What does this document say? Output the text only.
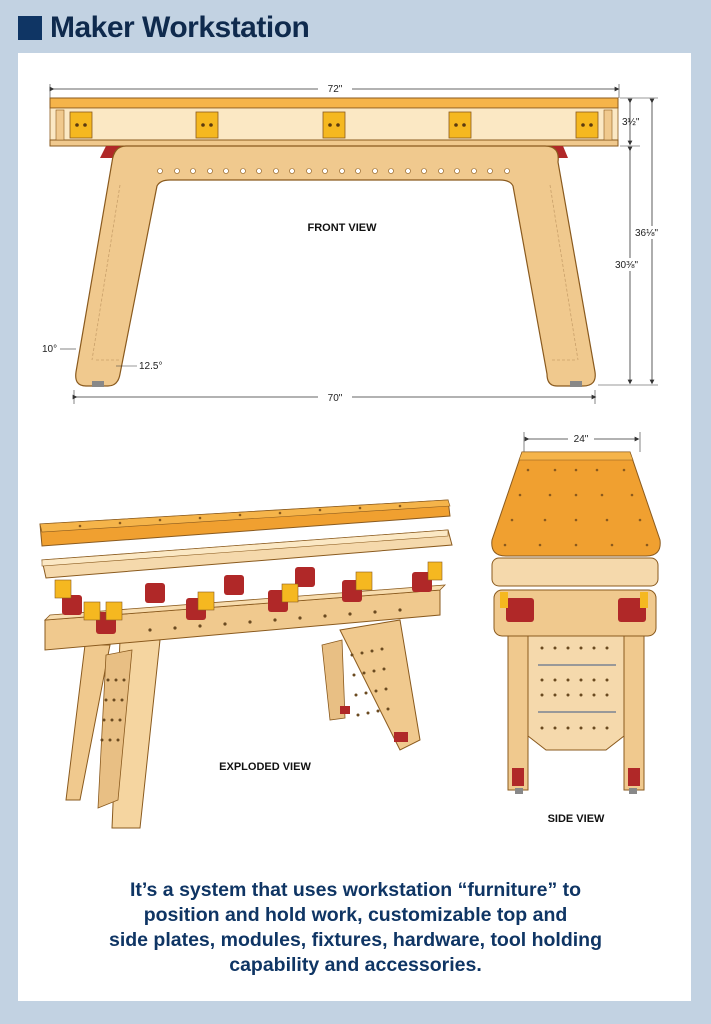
Maker Workstation
72"
FRONT VIEW
10°
12.5°
70"
3½"
30⅜"
36⅛"
EXPLODED VIEW
24"
SIDE VIEW
It’s a system that uses workstation “furniture” to
position and hold work, customizable top and
side plates, modules, fixtures, hardware, tool holding
capability and accessories.
